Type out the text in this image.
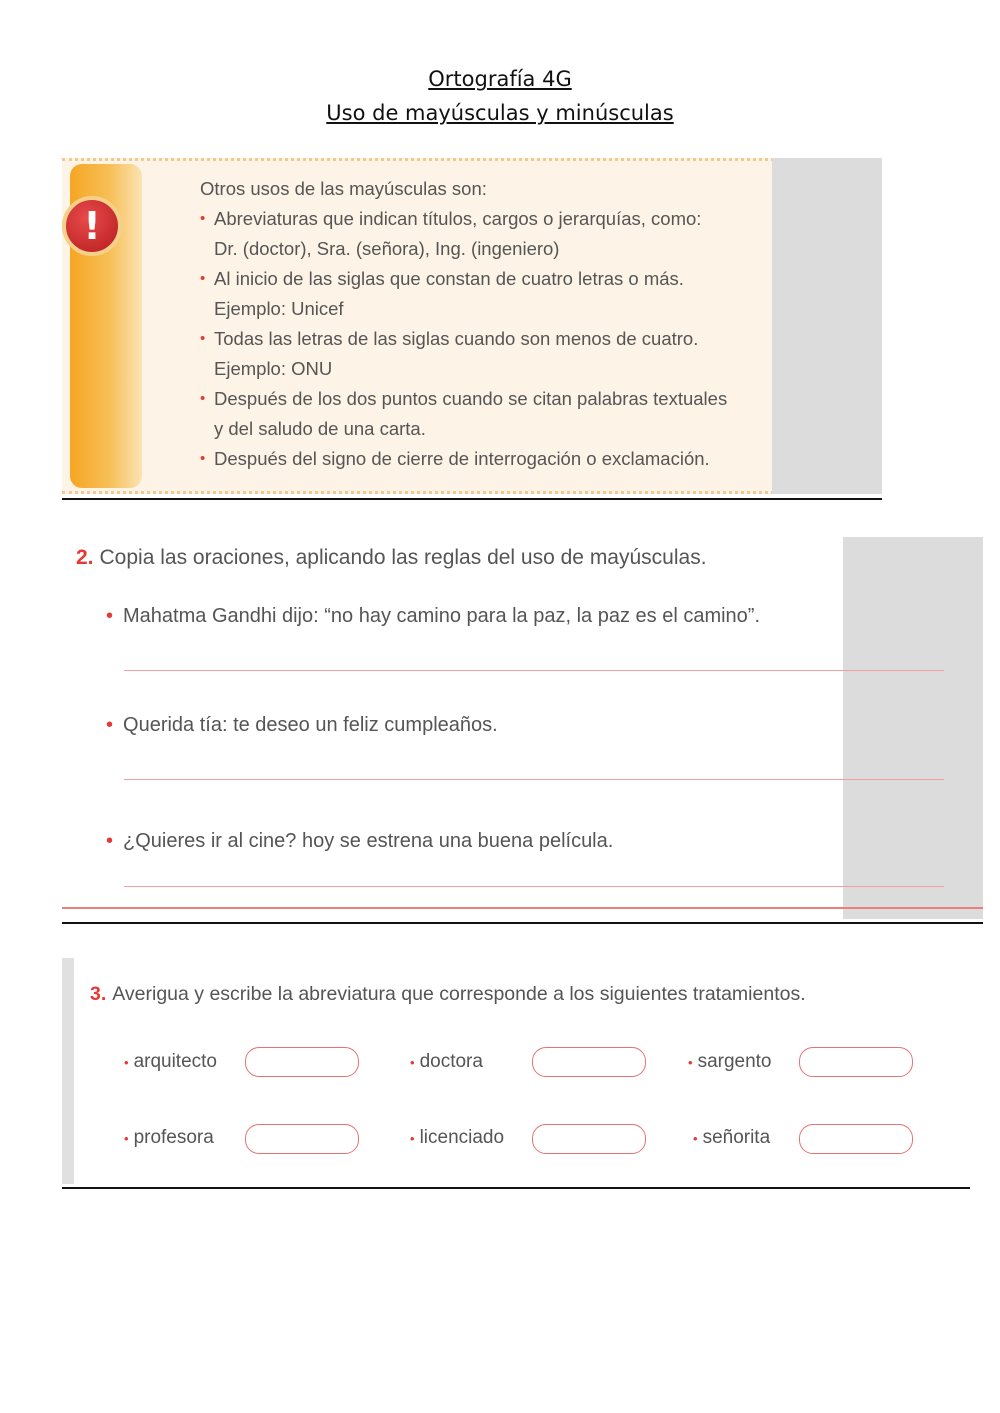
Ortografía 4G
Uso de mayúsculas y minúsculas
!
Otros usos de las mayúsculas son:
• Abreviaturas que indican títulos, cargos o jerarquías, como:
Dr. (doctor), Sra. (señora), Ing. (ingeniero)
• Al inicio de las siglas que constan de cuatro letras o más.
Ejemplo: Unicef
• Todas las letras de las siglas cuando son menos de cuatro.
Ejemplo: ONU
• Después de los dos puntos cuando se citan palabras textuales
y del saludo de una carta.
• Después del signo de cierre de interrogación o exclamación.
2. Copia las oraciones, aplicando las reglas del uso de mayúsculas.
• Mahatma Gandhi dijo: “no hay camino para la paz, la paz es el camino”.
• Querida tía: te deseo un feliz cumpleaños.
• ¿Quieres ir al cine? hoy se estrena una buena película.
3. Averigua y escribe la abreviatura que corresponde a los siguientes tratamientos.
• arquitecto	• doctora	• sargento
• profesora	• licenciado	• señorita
